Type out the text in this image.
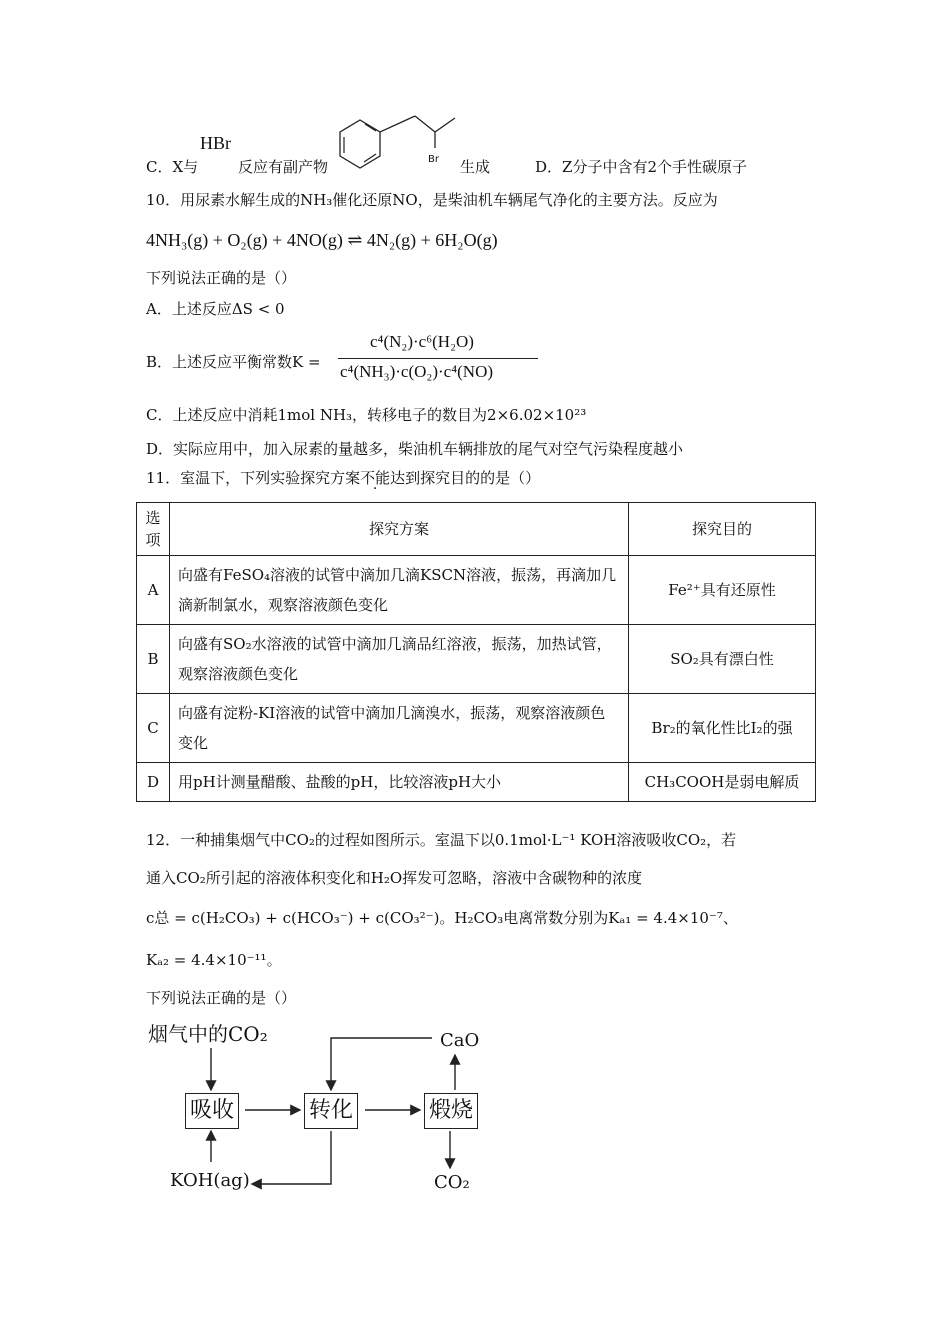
HBr
C．X与	反应有副产物	Br 生成	D．Z分子中含有2个手性碳原子
10．用尿素水解生成的NH₃催化还原NO，是柴油机车辆尾气净化的主要方法。反应为
4NH₃(g) + O₂(g) + 4NO(g) ⇌ 4N₂(g) + 6H₂O(g)
下列说法正确的是（）
A．上述反应ΔS < 0
B．上述反应平衡常数K =
c⁴(N₂)·c⁶(H₂O)
c⁴(NH₃)·c(O₂)·c⁴(NO)
C．上述反应中消耗1mol NH₃，转移电子的数目为2×6.02×10²³
D．实际应用中，加入尿素的量越多，柴油机车辆排放的尾气对空气污染程度越小
11．室温下，下列实验探究方案不能达到探究目的的是（）
选项	探究方案	探究目的
A	向盛有FeSO₄溶液的试管中滴加几滴KSCN溶液，振荡，再滴加几滴新制氯水，观察溶液颜色变化	Fe²⁺具有还原性
B	向盛有SO₂水溶液的试管中滴加几滴品红溶液，振荡，加热试管，观察溶液颜色变化	SO₂具有漂白性
C	向盛有淀粉-KI溶液的试管中滴加几滴溴水，振荡，观察溶液颜色变化	Br₂的氧化性比I₂的强
D	用pH计测量醋酸、盐酸的pH，比较溶液pH大小	CH₃COOH是弱电解质
12．一种捕集烟气中CO₂的过程如图所示。室温下以0.1mol·L⁻¹ KOH溶液吸收CO₂，若
通入CO₂所引起的溶液体积变化和H₂O挥发可忽略，溶液中含碳物种的浓度
c总 = c(H₂CO₃) + c(HCO₃⁻) + c(CO₃²⁻)。H₂CO₃电离常数分别为Kₐ₁ = 4.4×10⁻⁷、
Kₐ₂ = 4.4×10⁻¹¹。
下列说法正确的是（）
烟气中的CO₂
吸收	转化	煅烧
CaO
KOH(ag)	CO₂
